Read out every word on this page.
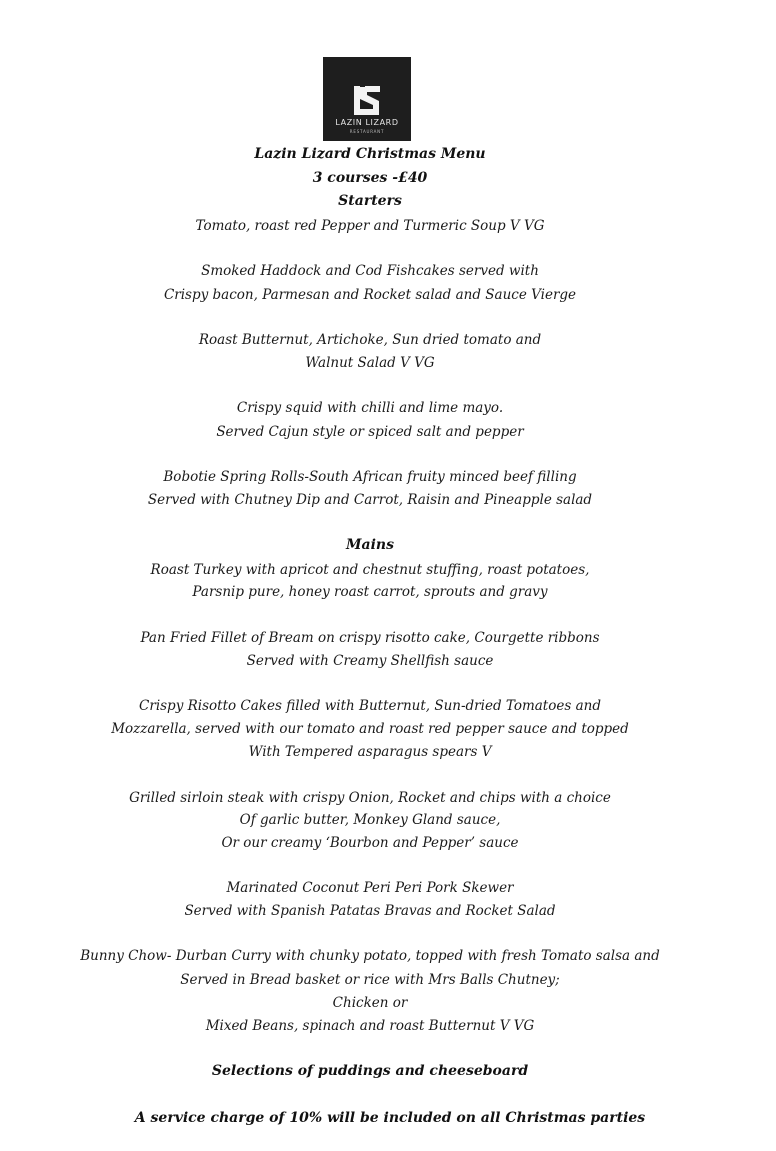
LAZIN LIZARD
RESTAURANT
Lazin Lizard Christmas Menu
3 courses -£40
Starters
Tomato, roast red Pepper and Turmeric Soup V VG
Smoked Haddock and Cod Fishcakes served with
Crispy bacon, Parmesan and Rocket salad and Sauce Vierge
Roast Butternut, Artichoke, Sun dried tomato and
Walnut Salad V VG
Crispy squid with chilli and lime mayo.
Served Cajun style or spiced salt and pepper
Bobotie Spring Rolls-South African fruity minced beef filling
Served with Chutney Dip and Carrot, Raisin and Pineapple salad
Mains
Roast Turkey with apricot and chestnut stuffing, roast potatoes,
Parsnip pure, honey roast carrot, sprouts and gravy
Pan Fried Fillet of Bream on crispy risotto cake, Courgette ribbons
Served with Creamy Shellfish sauce
Crispy Risotto Cakes filled with Butternut, Sun-dried Tomatoes and
Mozzarella, served with our tomato and roast red pepper sauce and topped
With Tempered asparagus spears V
Grilled sirloin steak with crispy Onion, Rocket and chips with a choice
Of garlic butter, Monkey Gland sauce,
Or our creamy ‘Bourbon and Pepper’ sauce
Marinated Coconut Peri Peri Pork Skewer
Served with Spanish Patatas Bravas and Rocket Salad
Bunny Chow- Durban Curry with chunky potato, topped with fresh Tomato salsa and
Served in Bread basket or rice with Mrs Balls Chutney;
Chicken or
Mixed Beans, spinach and roast Butternut V VG
Selections of puddings and cheeseboard
A service charge of 10% will be included on all Christmas parties
